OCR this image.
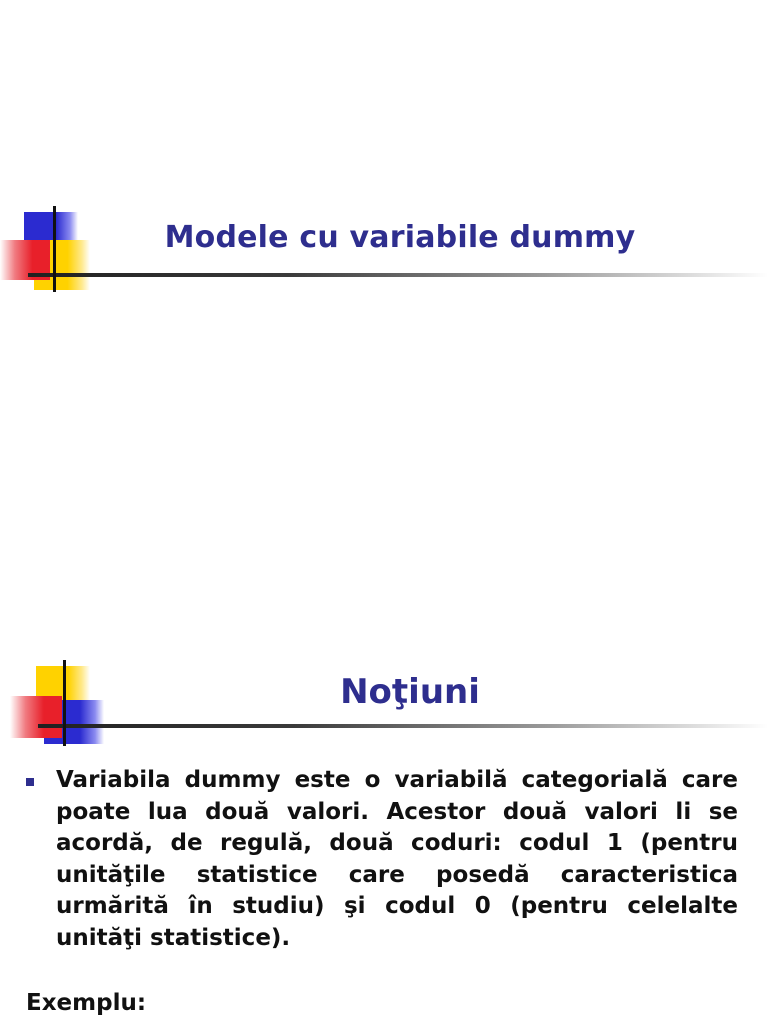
Modele cu variabile dummy
Noţiuni
Variabila dummy este o variabilă categorială care poate lua două valori. Acestor două valori li se acordă, de regulă, două coduri: codul 1 (pentru unităţile statistice care posedă caracteristica urmărită în studiu) şi codul 0 (pentru celelalte unităţi statistice).
Exemplu:
